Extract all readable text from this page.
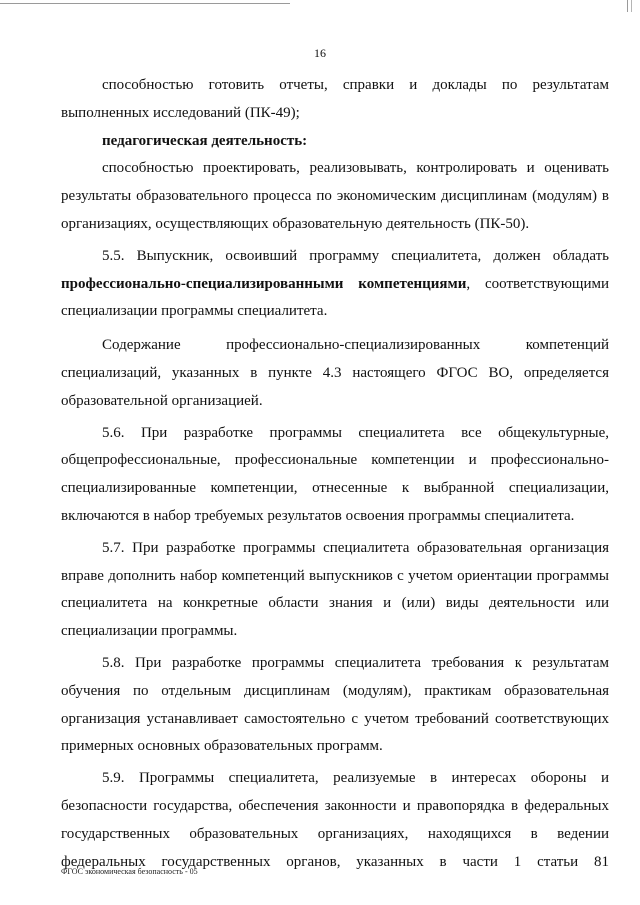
16

способностью готовить отчеты, справки и доклады по результатам выполненных исследований (ПК-49);

педагогическая деятельность:

способностью проектировать, реализовывать, контролировать и оценивать результаты образовательного процесса по экономическим дисциплинам (модулям) в организациях, осуществляющих образовательную деятельность (ПК-50).

5.5. Выпускник, освоивший программу специалитета, должен обладать профессионально-специализированными компетенциями, соответствующими специализации программы специалитета.

Содержание профессионально-специализированных компетенций специализаций, указанных в пункте 4.3 настоящего ФГОС ВО, определяется образовательной организацией.

5.6. При разработке программы специалитета все общекультурные, общепрофессиональные, профессиональные компетенции и профессионально-специализированные компетенции, отнесенные к выбранной специализации, включаются в набор требуемых результатов освоения программы специалитета.

5.7. При разработке программы специалитета образовательная организация вправе дополнить набор компетенций выпускников с учетом ориентации программы специалитета на конкретные области знания и (или) виды деятельности или специализации программы.

5.8. При разработке программы специалитета требования к результатам обучения по отдельным дисциплинам (модулям), практикам образовательная организация устанавливает самостоятельно с учетом требований соответствующих примерных основных образовательных программ.

5.9. Программы специалитета, реализуемые в интересах обороны и безопасности государства, обеспечения законности и правопорядка в федеральных государственных образовательных организациях, находящихся в ведении федеральных государственных органов, указанных в части 1 статьи 81

ФГОС экономическая безопасность - 05
